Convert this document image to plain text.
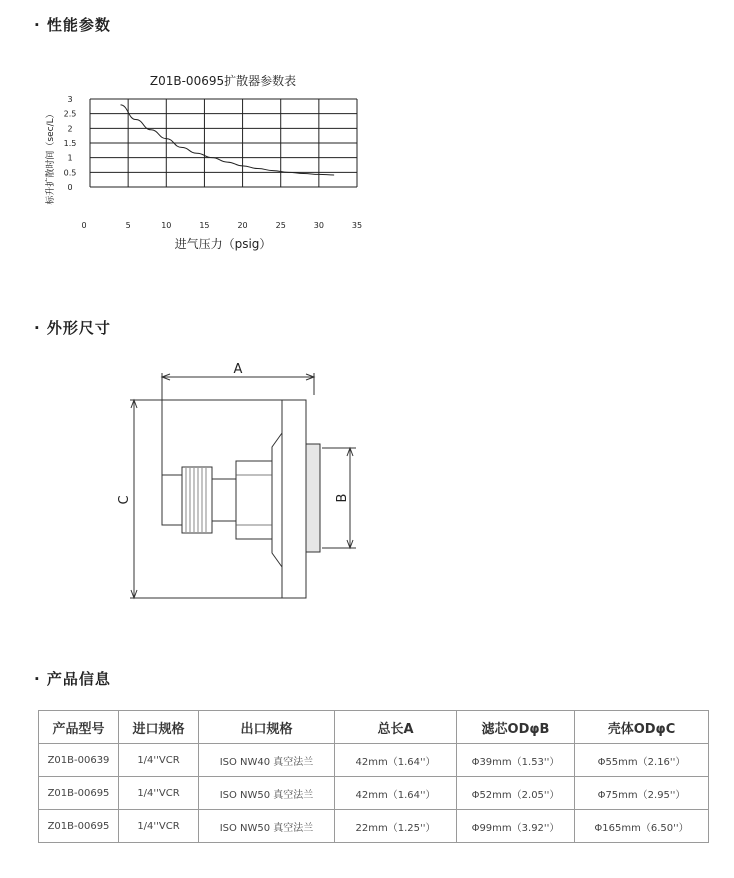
· 性能参数
· 外形尺寸
· 产品信息
Z01B-00695扩散器参数表
0
0.5
1
1.5
2
2.5
3
0	5	10	15	20	25	30	35
进气压力（psig）
标升扩散时间（sec/L）
A
C	B
产品型号	进口规格	出口规格	总长A	滤芯ODφB	壳体ODφC
Z01B-00639	1/4''VCR	ISO NW40 真空法兰	42mm（1.64''）	Φ39mm（1.53''）	Φ55mm（2.16''）
Z01B-00695	1/4''VCR	ISO NW50 真空法兰	42mm（1.64''）	Φ52mm（2.05''）	Φ75mm（2.95''）
Z01B-00695	1/4''VCR	ISO NW50 真空法兰	22mm（1.25''）	Φ99mm（3.92''）	Φ165mm（6.50''）
